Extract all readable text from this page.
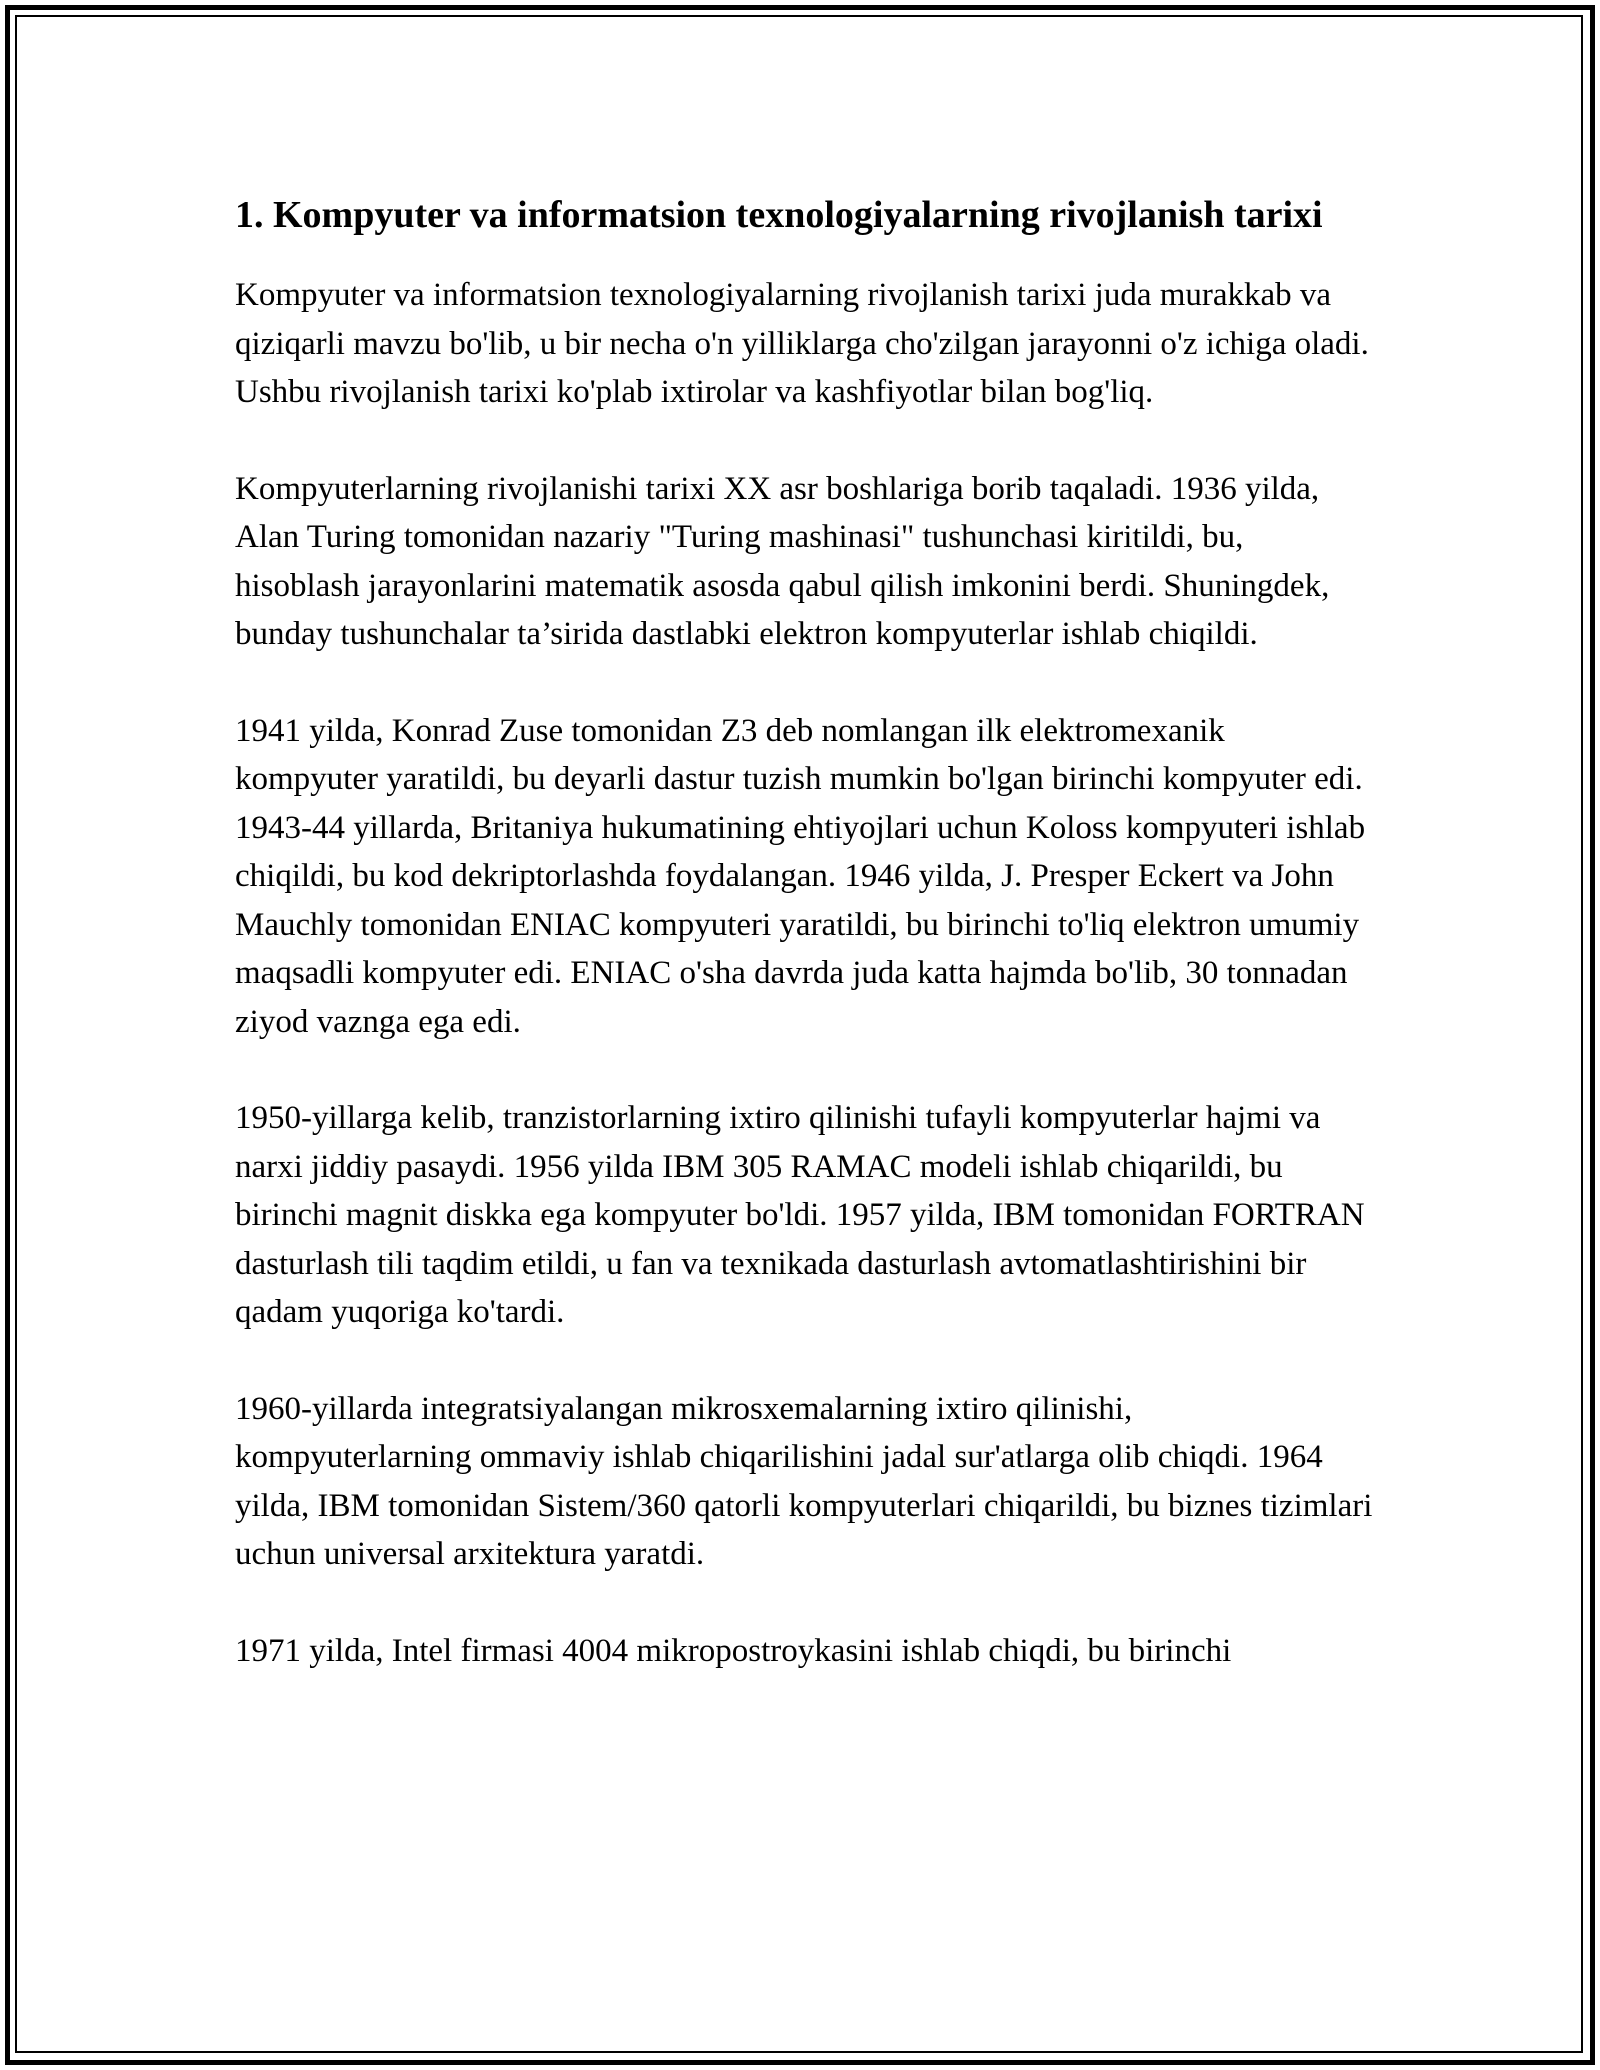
1. Kompyuter va informatsion texnologiyalarning rivojlanish tarixi

Kompyuter va informatsion texnologiyalarning rivojlanish tarixi juda murakkab va qiziqarli mavzu bo'lib, u bir necha o'n yilliklarga cho'zilgan jarayonni o'z ichiga oladi. Ushbu rivojlanish tarixi ko'plab ixtirolar va kashfiyotlar bilan bog'liq.

Kompyuterlarning rivojlanishi tarixi XX asr boshlariga borib taqaladi. 1936 yilda, Alan Turing tomonidan nazariy "Turing mashinasi" tushunchasi kiritildi, bu, hisoblash jarayonlarini matematik asosda qabul qilish imkonini berdi. Shuningdek, bunday tushunchalar ta’sirida dastlabki elektron kompyuterlar ishlab chiqildi.

1941 yilda, Konrad Zuse tomonidan Z3 deb nomlangan ilk elektromexanik kompyuter yaratildi, bu deyarli dastur tuzish mumkin bo'lgan birinchi kompyuter edi. 1943-44 yillarda, Britaniya hukumatining ehtiyojlari uchun Koloss kompyuteri ishlab chiqildi, bu kod dekriptorlashda foydalangan. 1946 yilda, J. Presper Eckert va John Mauchly tomonidan ENIAC kompyuteri yaratildi, bu birinchi to'liq elektron umumiy maqsadli kompyuter edi. ENIAC o'sha davrda juda katta hajmda bo'lib, 30 tonnadan ziyod vaznga ega edi.

1950-yillarga kelib, tranzistorlarning ixtiro qilinishi tufayli kompyuterlar hajmi va narxi jiddiy pasaydi. 1956 yilda IBM 305 RAMAC modeli ishlab chiqarildi, bu birinchi magnit diskka ega kompyuter bo'ldi. 1957 yilda, IBM tomonidan FORTRAN dasturlash tili taqdim etildi, u fan va texnikada dasturlash avtomatlashtirishini bir qadam yuqoriga ko'tardi.

1960-yillarda integratsiyalangan mikrosxemalarning ixtiro qilinishi, kompyuterlarning ommaviy ishlab chiqarilishini jadal sur'atlarga olib chiqdi. 1964 yilda, IBM tomonidan Sistem/360 qatorli kompyuterlari chiqarildi, bu biznes tizimlari uchun universal arxitektura yaratdi.

1971 yilda, Intel firmasi 4004 mikropostroykasini ishlab chiqdi, bu birinchi
